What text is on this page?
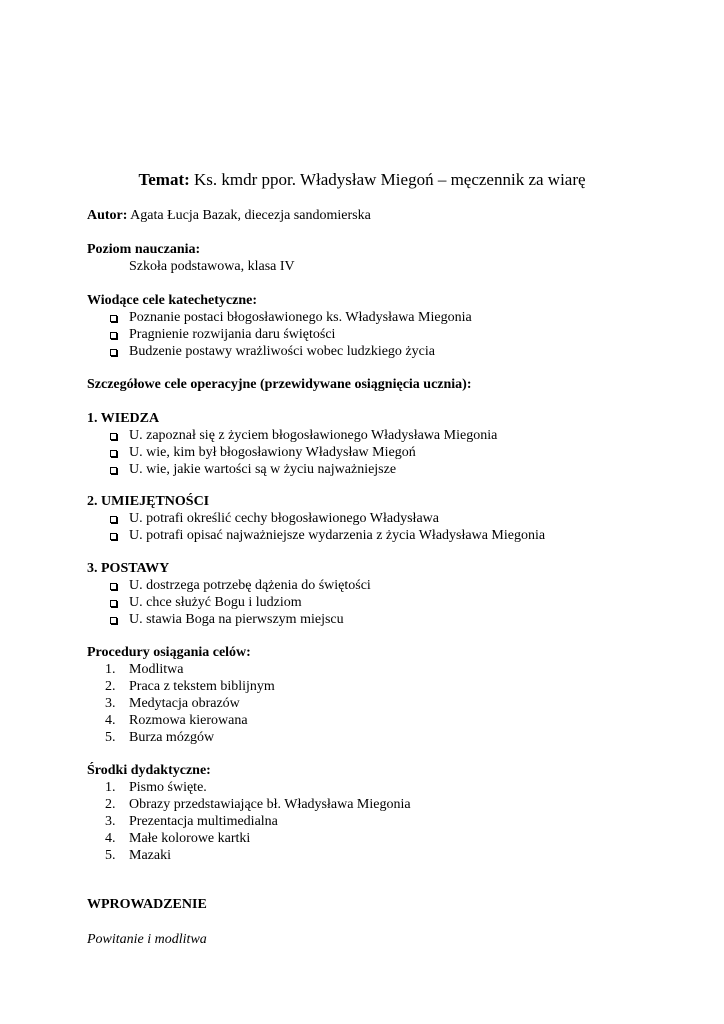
Temat: Ks. kmdr ppor. Władysław Miegoń – męczennik za wiarę
Autor: Agata Łucja Bazak, diecezja sandomierska
Poziom nauczania:
Szkoła podstawowa, klasa IV
Wiodące cele katechetyczne:
Poznanie postaci błogosławionego ks. Władysława Miegonia
Pragnienie rozwijania daru świętości
Budzenie postawy wrażliwości wobec ludzkiego życia
Szczegółowe cele operacyjne (przewidywane osiągnięcia ucznia):
1. WIEDZA
U. zapoznał się z życiem błogosławionego Władysława Miegonia
U. wie, kim był błogosławiony Władysław Miegoń
U. wie, jakie wartości są w życiu najważniejsze
2. UMIEJĘTNOŚCI
U. potrafi określić cechy błogosławionego Władysława
U. potrafi opisać najważniejsze wydarzenia z życia Władysława Miegonia
3. POSTAWY
U. dostrzega potrzebę dążenia do świętości
U. chce służyć Bogu i ludziom
U. stawia Boga na pierwszym miejscu
Procedury osiągania celów:
1. Modlitwa
2. Praca z tekstem biblijnym
3. Medytacja obrazów
4. Rozmowa kierowana
5. Burza mózgów
Środki dydaktyczne:
1. Pismo święte.
2. Obrazy przedstawiające bł. Władysława Miegonia
3. Prezentacja multimedialna
4. Małe kolorowe kartki
5. Mazaki
WPROWADZENIE
Powitanie i modlitwa
